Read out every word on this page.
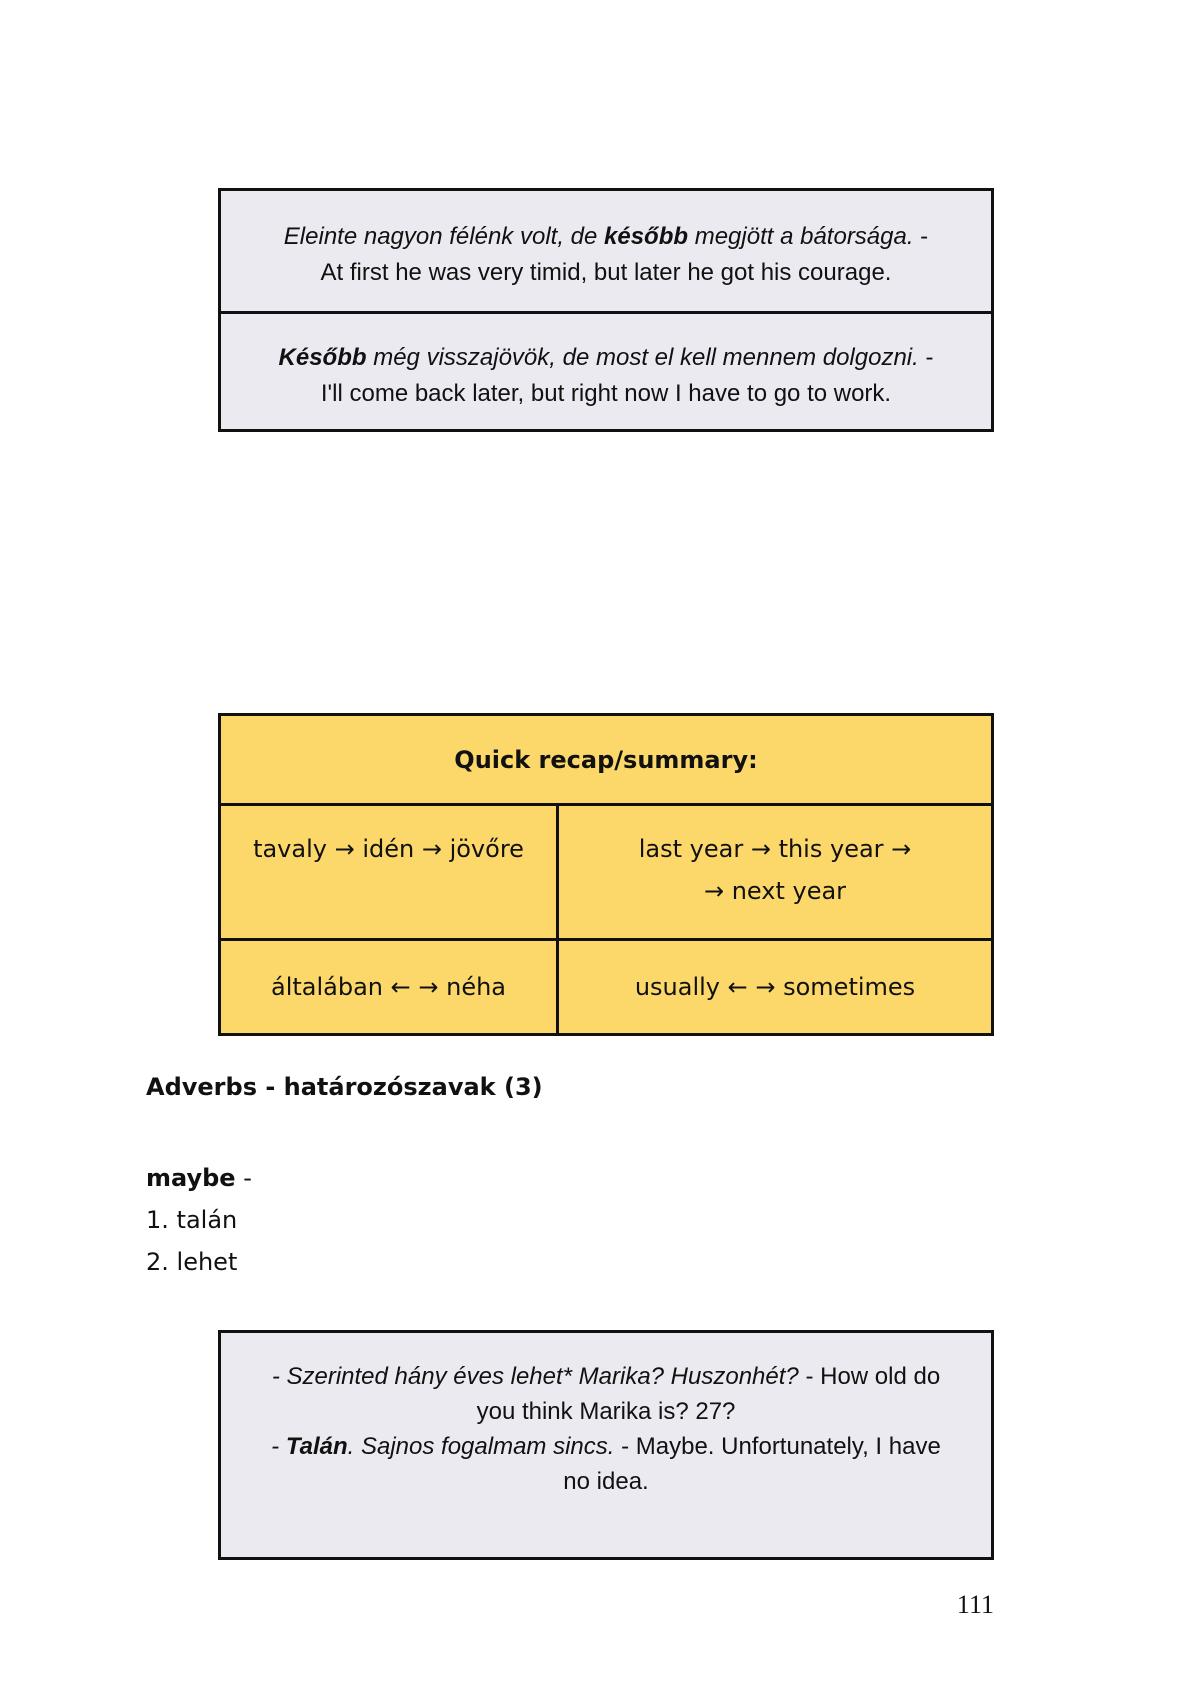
Eleinte nagyon félénk volt, de később megjött a bátorsága. -
At first he was very timid, but later he got his courage.
Később még visszajövök, de most el kell mennem dolgozni. -
I'll come back later, but right now I have to go to work.
Quick recap/summary:
tavaly → idén → jövőre	last year → this year →
→ next year
általában ← → néha	usually ← → sometimes
Adverbs - határozószavak (3)
maybe -
1. talán
2. lehet
- Szerinted hány éves lehet* Marika? Huszonhét? - How old do you think Marika is? 27?
- Talán. Sajnos fogalmam sincs. - Maybe. Unfortunately, I have no idea.
111
